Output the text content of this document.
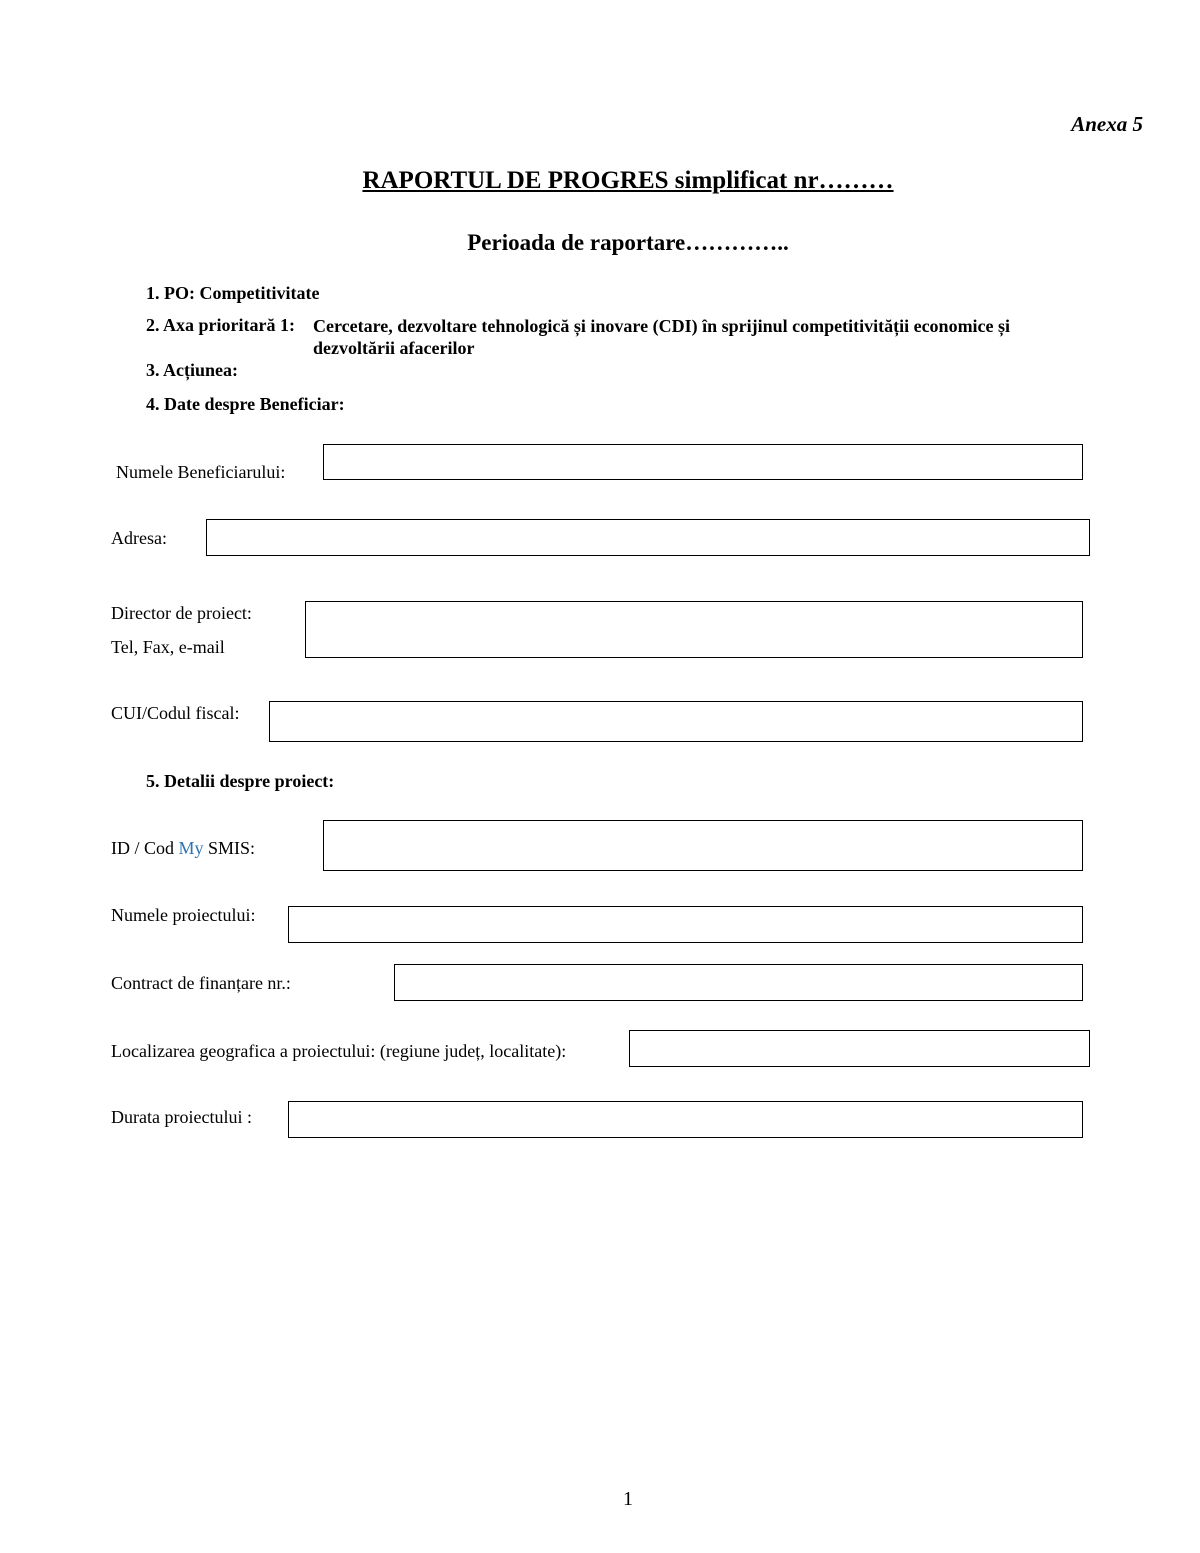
Anexa 5
RAPORTUL DE PROGRES simplificat nr………
Perioada de raportare…………..
1. PO: Competitivitate
2. Axa prioritară 1: Cercetare, dezvoltare tehnologică și inovare (CDI) în sprijinul competitivității economice și dezvoltării afacerilor
3. Acțiunea:
4. Date despre Beneficiar:
Numele Beneficiarului:
Adresa:
Director de proiect:
Tel, Fax, e-mail
CUI/Codul fiscal:
5. Detalii despre proiect:
ID / Cod My SMIS:
Numele proiectului:
Contract de finanțare nr.:
Localizarea geografica a proiectului: (regiune județ, localitate):
Durata proiectului :
1
